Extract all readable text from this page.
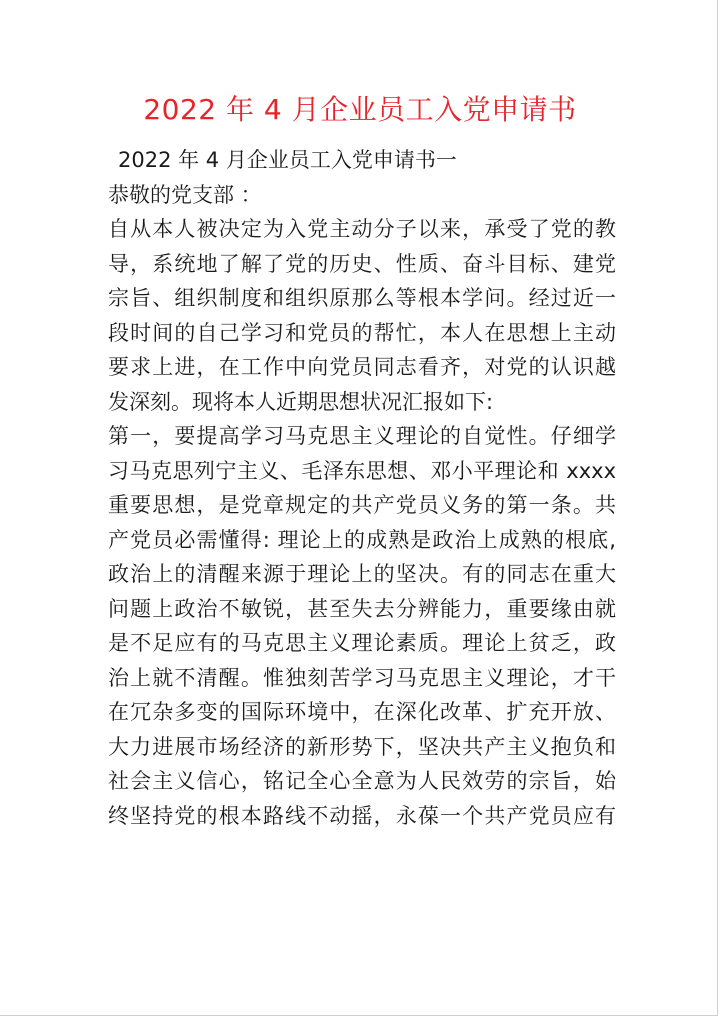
2022 年 4 月企业员工入党申请书
2022 年 4 月企业员工入党申请书一
恭敬的党支部 ：
自从本人被决定为入党主动分子以来，承受了党的教
导，系统地了解了党的历史、性质、奋斗目标、建党
宗旨、组织制度和组织原那么等根本学问。经过近一
段时间的自己学习和党员的帮忙，本人在思想上主动
要求上进，在工作中向党员同志看齐，对党的认识越
发深刻。现将本人近期思想状况汇报如下:
第一，要提高学习马克思主义理论的自觉性。仔细学
习马克思列宁主义、毛泽东思想、邓小平理论和 xxxx
重要思想，是党章规定的共产党员义务的第一条。共
产党员必需懂得: 理论上的成熟是政治上成熟的根底,
政治上的清醒来源于理论上的坚决。有的同志在重大
问题上政治不敏锐，甚至失去分辨能力，重要缘由就
是不足应有的马克思主义理论素质。理论上贫乏，政
治上就不清醒。惟独刻苦学习马克思主义理论，才干
在冗杂多变的国际环境中，在深化改革、扩充开放、
大力进展市场经济的新形势下，坚决共产主义抱负和
社会主义信心，铭记全心全意为人民效劳的宗旨，始
终坚持党的根本路线不动摇，永葆一个共产党员应有
